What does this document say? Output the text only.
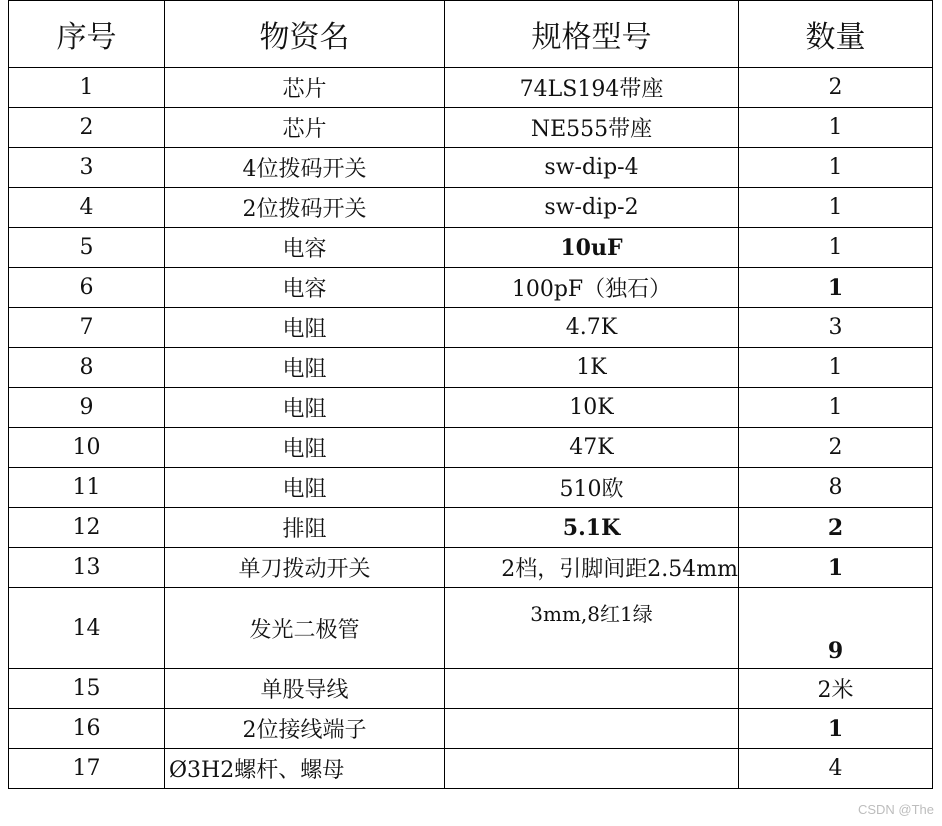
序号	物资名	规格型号	数量
1	芯片	74LS194带座	2
2	芯片	NE555带座	1
3	4位拨码开关	sw-dip-4	1
4	2位拨码开关	sw-dip-2	1
5	电容	10uF	1
6	电容	100pF（独石）	1
7	电阻	4.7K	3
8	电阻	1K	1
9	电阻	10K	1
10	电阻	47K	2
11	电阻	510欧	8
12	排阻	5.1K	2
13	单刀拨动开关	2档，引脚间距2.54mm	1
14	发光二极管	3mm,8红1绿	9
15	单股导线		2米
16	2位接线端子		1
17	Ø3H2螺杆、螺母		4
CSDN @The
